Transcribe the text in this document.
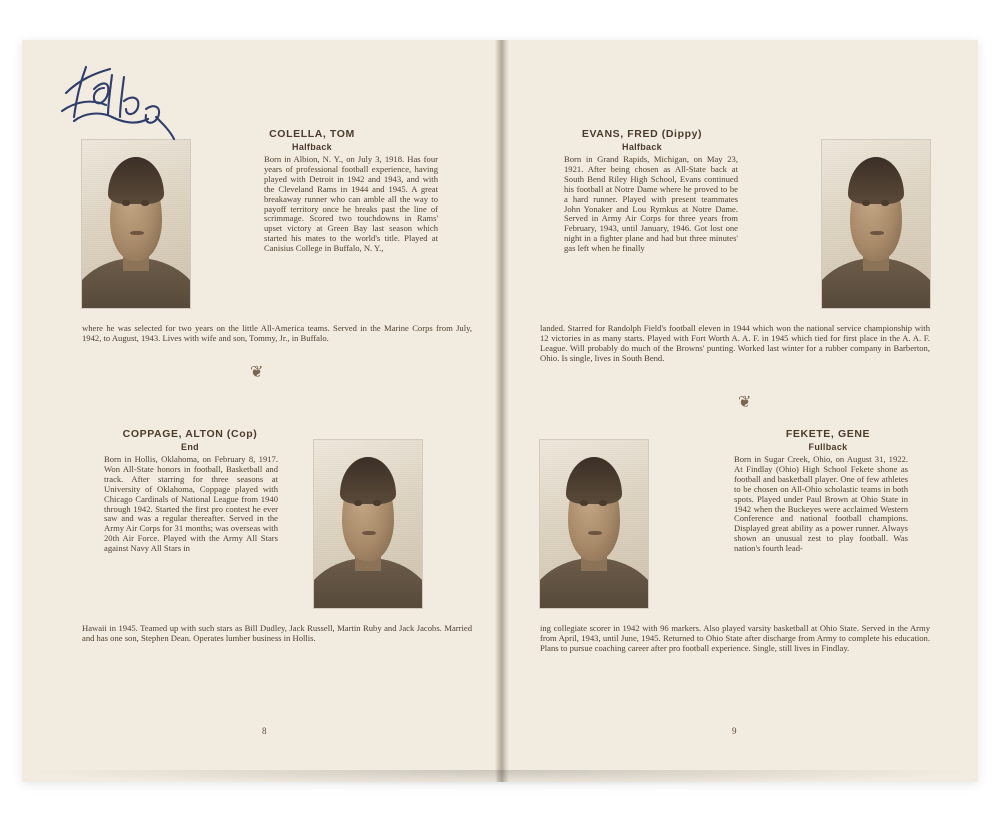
COLELLA, TOM
Halfback
Born in Albion, N. Y., on July 3, 1918. Has four years of professional football experience, having played with Detroit in 1942 and 1943, and with the Cleveland Rams in 1944 and 1945. A great breakaway runner who can amble all the way to payoff territory once he breaks past the line of scrimmage. Scored two touchdowns in Rams' upset victory at Green Bay last season which started his mates to the world's title. Played at Canisius College in Buffalo, N. Y.,
where he was selected for two years on the little All-America teams. Served in the Marine Corps from July, 1942, to August, 1943. Lives with wife and son, Tommy, Jr., in Buffalo.
❦
COPPAGE, ALTON (Cop)
End
Born in Hollis, Oklahoma, on February 8, 1917. Won All-State honors in football, Basketball and track. After starring for three seasons at University of Oklahoma, Coppage played with Chicago Cardinals of National League from 1940 through 1942. Started the first pro contest he ever saw and was a regular thereafter. Served in the Army Air Corps for 31 months; was overseas with 20th Air Force. Played with the Army All Stars against Navy All Stars in
Hawaii in 1945. Teamed up with such stars as Bill Dudley, Jack Russell, Martin Ruby and Jack Jacobs. Married and has one son, Stephen Dean. Operates lumber business in Hollis.
8
EVANS, FRED (Dippy)
Halfback
Born in Grand Rapids, Michigan, on May 23, 1921. After being chosen as All-State back at South Bend Riley High School, Evans continued his football at Notre Dame where he proved to be a hard runner. Played with present teammates John Yonaker and Lou Rymkus at Notre Dame. Served in Army Air Corps for three years from February, 1943, until January, 1946. Got lost one night in a fighter plane and had but three minutes' gas left when he finally
landed. Starred for Randolph Field's football eleven in 1944 which won the national service championship with 12 victories in as many starts. Played with Fort Worth A. A. F. in 1945 which tied for first place in the A. A. F. League. Will probably do much of the Browns' punting. Worked last winter for a rubber company in Barberton, Ohio. Is single, lives in South Bend.
❦
FEKETE, GENE
Fullback
Born in Sugar Creek, Ohio, on August 31, 1922. At Findlay (Ohio) High School Fekete shone as football and basketball player. One of few athletes to be chosen on All-Ohio scholastic teams in both spots. Played under Paul Brown at Ohio State in 1942 when the Buckeyes were acclaimed Western Conference and national football champions. Displayed great ability as a power runner. Always shown an unusual zest to play football. Was nation's fourth lead-
ing collegiate scorer in 1942 with 96 markers. Also played varsity basketball at Ohio State. Served in the Army from April, 1943, until June, 1945. Returned to Ohio State after discharge from Army to complete his education. Plans to pursue coaching career after pro football experience. Single, still lives in Findlay.
9
